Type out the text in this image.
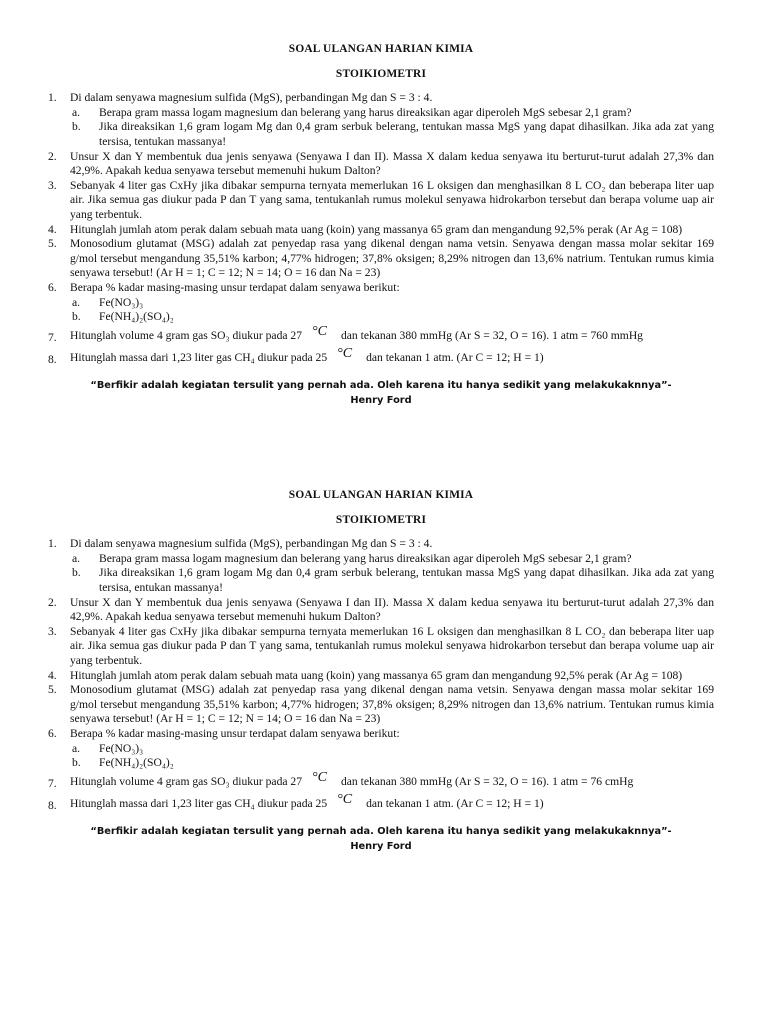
SOAL ULANGAN HARIAN KIMIA
STOIKIOMETRI
1. Di dalam senyawa magnesium sulfida (MgS), perbandingan Mg dan S = 3 : 4.
a. Berapa gram massa logam magnesium dan belerang yang harus direaksikan agar diperoleh MgS sebesar 2,1 gram?
b. Jika direaksikan 1,6 gram logam Mg dan 0,4 gram serbuk belerang, tentukan massa MgS yang dapat dihasilkan. Jika ada zat yang tersisa, tentukan massanya!
2. Unsur X dan Y membentuk dua jenis senyawa (Senyawa I dan II). Massa X dalam kedua senyawa itu berturut-turut adalah 27,3% dan 42,9%. Apakah kedua senyawa tersebut memenuhi hukum Dalton?
3. Sebanyak 4 liter gas CxHy jika dibakar sempurna ternyata memerlukan 16 L oksigen dan menghasilkan 8 L CO₂ dan beberapa liter uap air. Jika semua gas diukur pada P dan T yang sama, tentukanlah rumus molekul senyawa hidrokarbon tersebut dan berapa volume uap air yang terbentuk.
4. Hitunglah jumlah atom perak dalam sebuah mata uang (koin) yang massanya 65 gram dan mengandung 92,5% perak (Ar Ag = 108)
5. Monosodium glutamat (MSG) adalah zat penyedap rasa yang dikenal dengan nama vetsin. Senyawa dengan massa molar sekitar 169 g/mol tersebut mengandung 35,51% karbon; 4,77% hidrogen; 37,8% oksigen; 8,29% nitrogen dan 13,6% natrium. Tentukan rumus kimia senyawa tersebut! (Ar H = 1; C = 12; N = 14; O = 16 dan Na = 23)
6. Berapa % kadar masing-masing unsur terdapat dalam senyawa berikut:
a. Fe(NO₃)₃
b. Fe(NH₄)₂(SO₄)₂
7. Hitunglah volume 4 gram gas SO₃ diukur pada 27 °C dan tekanan 380 mmHg (Ar S = 32, O = 16). 1 atm = 760 mmHg
8. Hitunglah massa dari 1,23 liter gas CH₄ diukur pada 25 °C dan tekanan 1 atm. (Ar C = 12; H = 1)
“Berfikir adalah kegiatan tersulit yang pernah ada. Oleh karena itu hanya sedikit yang melakukaknnya”-
Henry Ford
SOAL ULANGAN HARIAN KIMIA
STOIKIOMETRI
1. Di dalam senyawa magnesium sulfida (MgS), perbandingan Mg dan S = 3 : 4.
a. Berapa gram massa logam magnesium dan belerang yang harus direaksikan agar diperoleh MgS sebesar 2,1 gram?
b. Jika direaksikan 1,6 gram logam Mg dan 0,4 gram serbuk belerang, tentukan massa MgS yang dapat dihasilkan. Jika ada zat yang tersisa, entukan massanya!
2. Unsur X dan Y membentuk dua jenis senyawa (Senyawa I dan II). Massa X dalam kedua senyawa itu berturut-turut adalah 27,3% dan 42,9%. Apakah kedua senyawa tersebut memenuhi hukum Dalton?
3. Sebanyak 4 liter gas CxHy jika dibakar sempurna ternyata memerlukan 16 L oksigen dan menghasilkan 8 L CO₂ dan beberapa liter uap air. Jika semua gas diukur pada P dan T yang sama, tentukanlah rumus molekul senyawa hidrokarbon tersebut dan berapa volume uap air yang terbentuk.
4. Hitunglah jumlah atom perak dalam sebuah mata uang (koin) yang massanya 65 gram dan mengandung 92,5% perak (Ar Ag = 108)
5. Monosodium glutamat (MSG) adalah zat penyedap rasa yang dikenal dengan nama vetsin. Senyawa dengan massa molar sekitar 169 g/mol tersebut mengandung 35,51% karbon; 4,77% hidrogen; 37,8% oksigen; 8,29% nitrogen dan 13,6% natrium. Tentukan rumus kimia senyawa tersebut! (Ar H = 1; C = 12; N = 14; O = 16 dan Na = 23)
6. Berapa % kadar masing-masing unsur terdapat dalam senyawa berikut:
a. Fe(NO₃)₃
b. Fe(NH₄)₂(SO₄)₂
7. Hitunglah volume 4 gram gas SO₃ diukur pada 27 °C dan tekanan 380 mmHg (Ar S = 32, O = 16). 1 atm = 76 cmHg
8. Hitunglah massa dari 1,23 liter gas CH₄ diukur pada 25 °C dan tekanan 1 atm. (Ar C = 12; H = 1)
“Berfikir adalah kegiatan tersulit yang pernah ada. Oleh karena itu hanya sedikit yang melakukaknnya”-
Henry Ford
